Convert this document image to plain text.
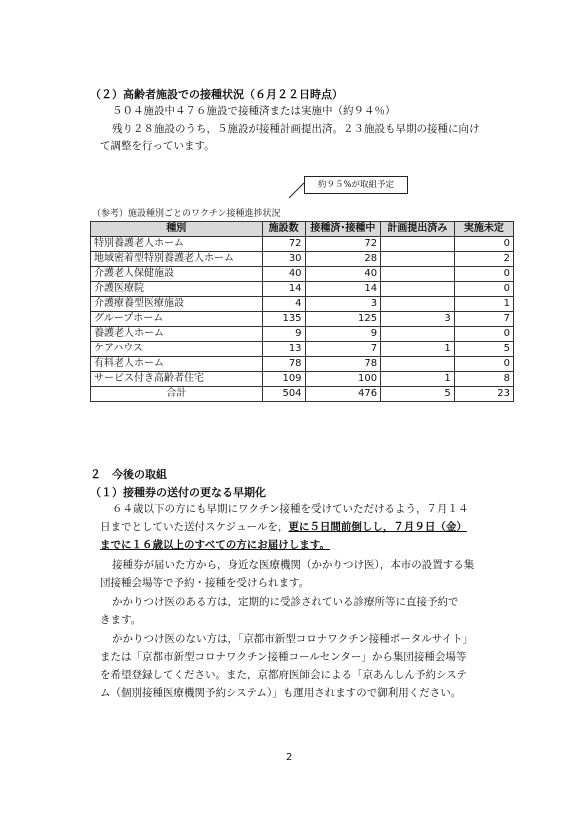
（２）高齢者施設での接種状況（６月２２日時点）
５０４施設中４７６施設で接種済または実施中（約９４％）
残り２８施設のうち，５施設が接種計画提出済。２３施設も早期の接種に向け
て調整を行っています。
約９５%が取組予定
（参考）施設種別ごとのワクチン接種進捗状況
種別	施設数	接種済･接種中	計画提出済み	実施未定
特別養護老人ホーム	72	72		0
地域密着型特別養護老人ホーム	30	28		2
介護老人保健施設	40	40		0
介護医療院	14	14		0
介護療養型医療施設	4	3		1
グループホーム	135	125	3	7
養護老人ホーム	9	9		0
ケアハウス	13	7	1	5
有料老人ホーム	78	78		0
サービス付き高齢者住宅	109	100	1	8
合計	504	476	5	23
２　今後の取組
（１）接種券の送付の更なる早期化
６４歳以下の方にも早期にワクチン接種を受けていただけるよう，７月１４
日までとしていた送付スケジュールを，更に５日間前倒しし，７月９日（金）
までに１６歳以上のすべての方にお届けします。
接種券が届いた方から，身近な医療機関（かかりつけ医），本市の設置する集
団接種会場等で予約・接種を受けられます。
かかりつけ医のある方は，定期的に受診されている診療所等に直接予約で
きます。
かかりつけ医のない方は，「京都市新型コロナワクチン接種ポータルサイト」
または「京都市新型コロナワクチン接種コールセンター」から集団接種会場等
を希望登録してください。また，京都府医師会による「京あんしん予約システ
ム（個別接種医療機関予約システム）」も運用されますので御利用ください。
2
